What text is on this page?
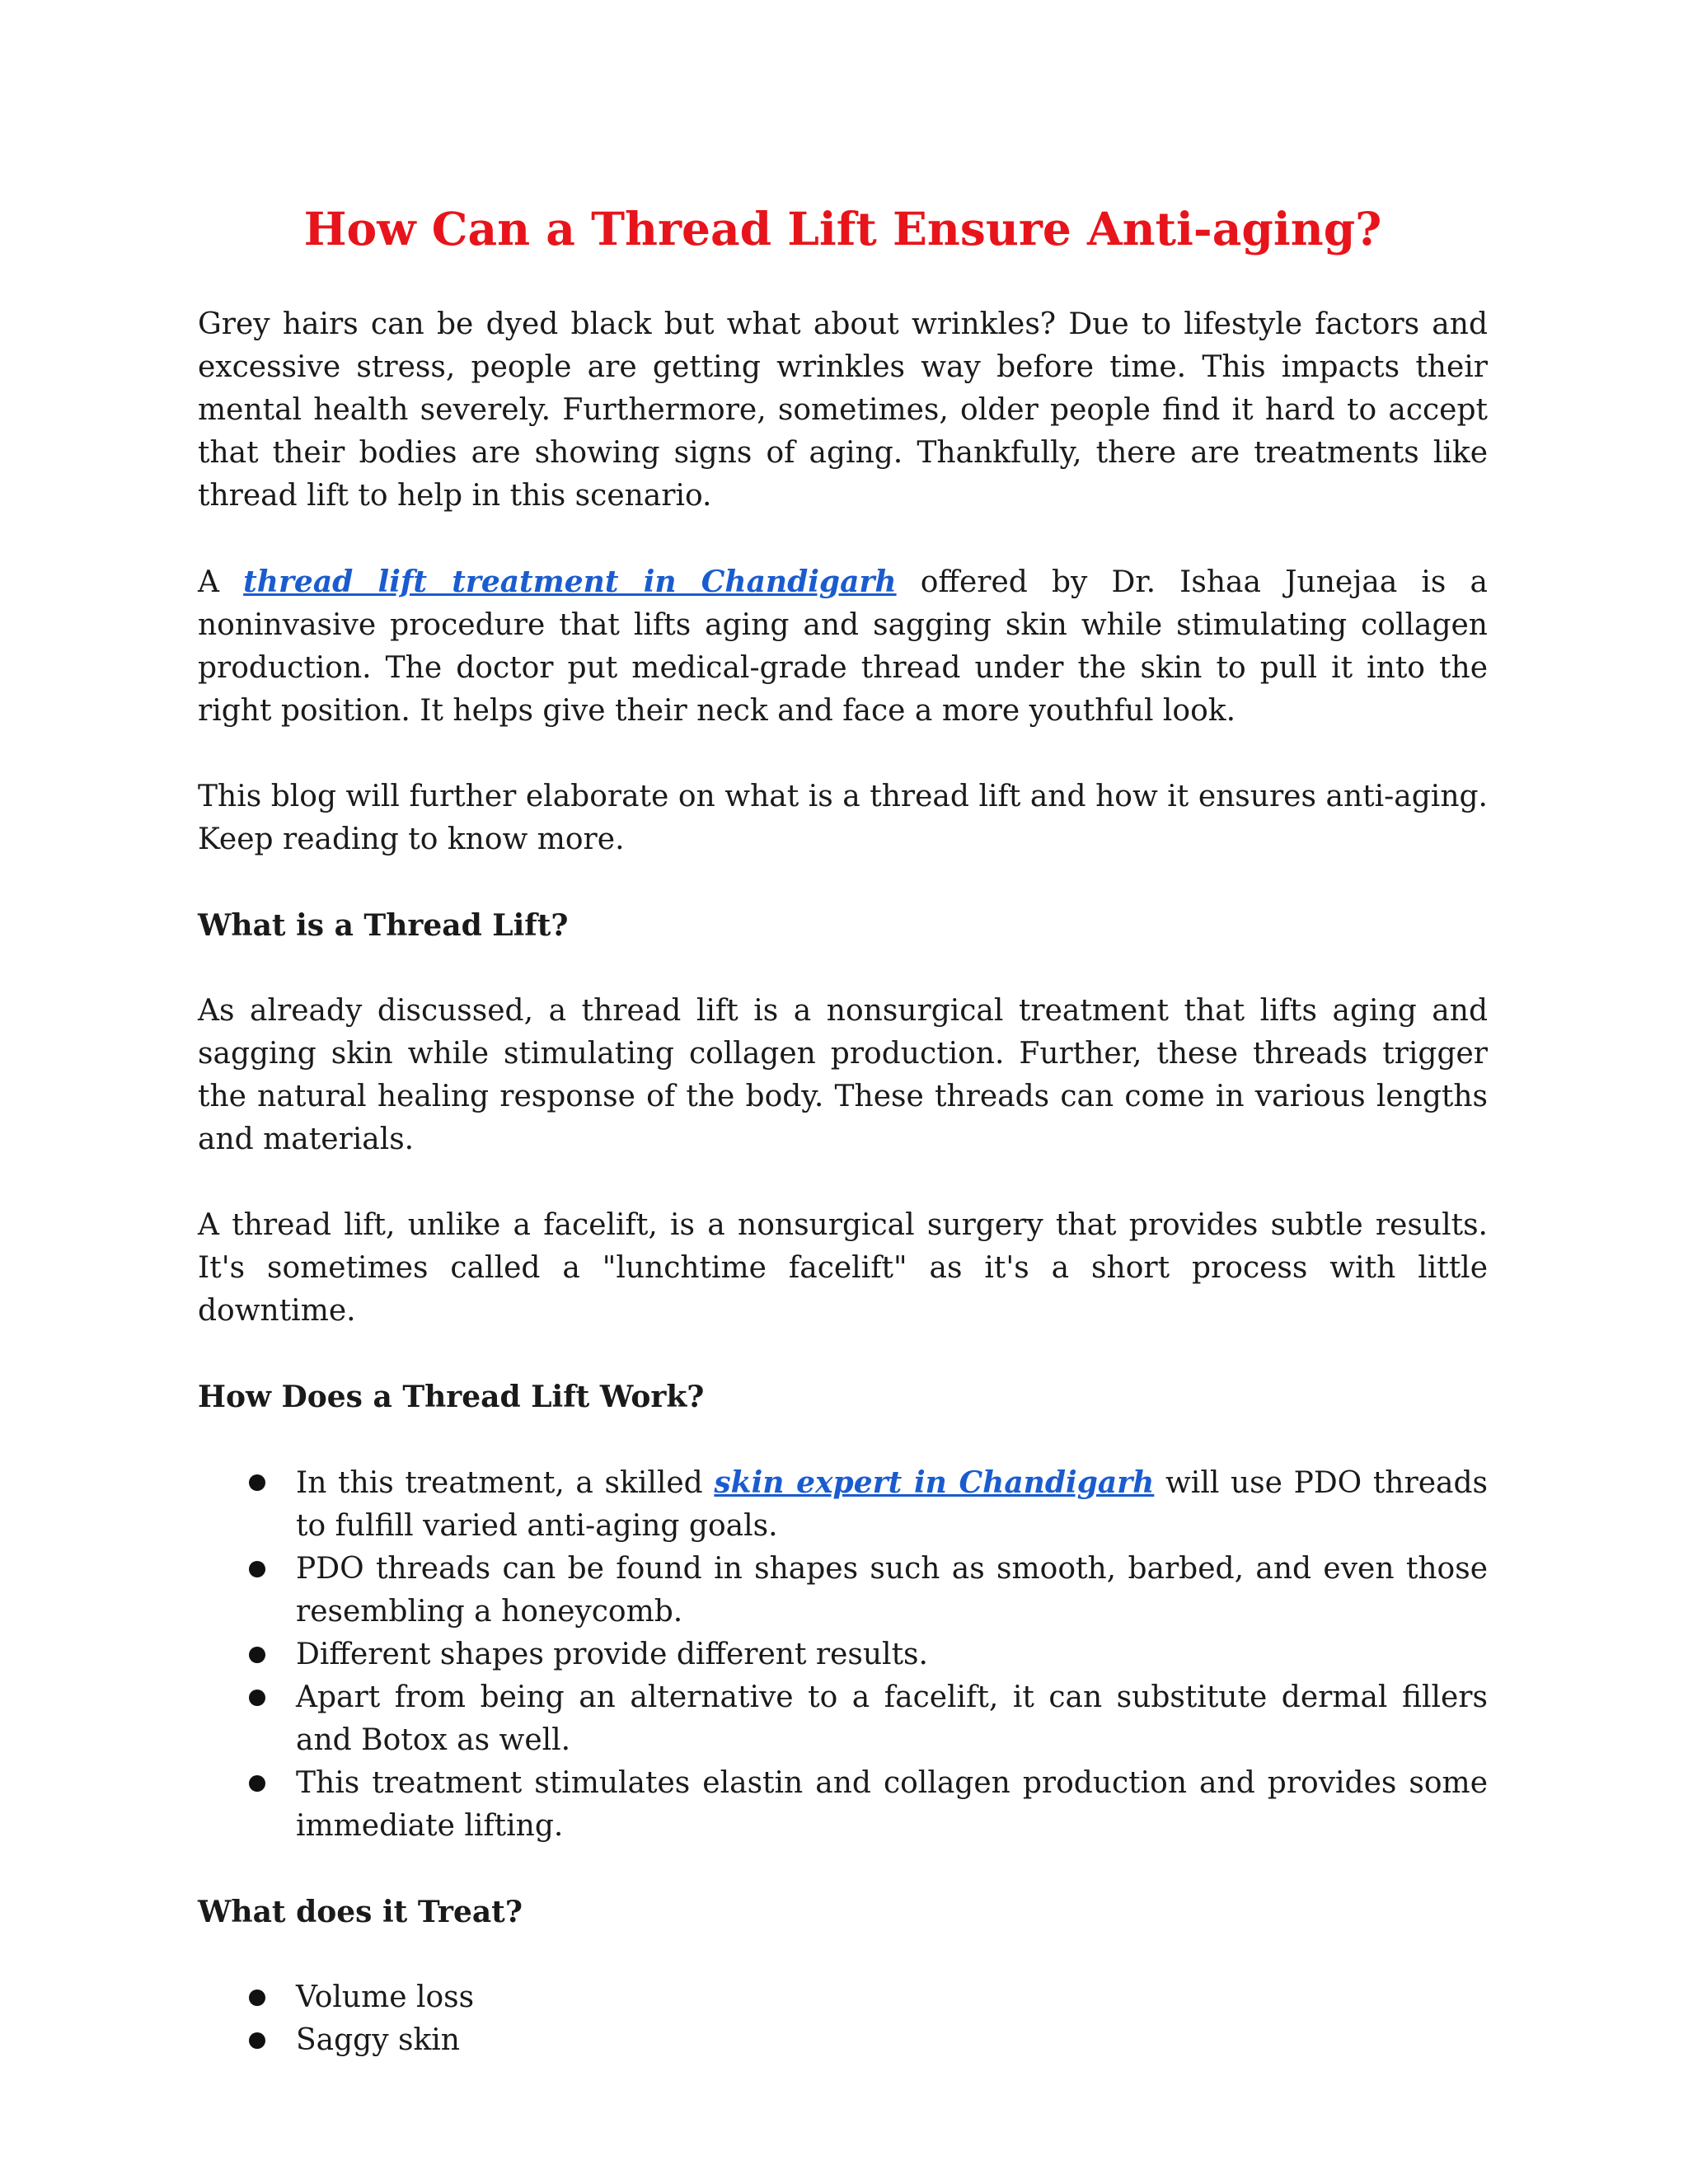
How Can a Thread Lift Ensure Anti-aging?

Grey hairs can be dyed black but what about wrinkles? Due to lifestyle factors and excessive stress, people are getting wrinkles way before time. This impacts their mental health severely. Furthermore, sometimes, older people find it hard to accept that their bodies are showing signs of aging. Thankfully, there are treatments like thread lift to help in this scenario.

A thread lift treatment in Chandigarh offered by Dr. Ishaa Junejaa is a noninvasive procedure that lifts aging and sagging skin while stimulating collagen production. The doctor put medical-grade thread under the skin to pull it into the right position. It helps give their neck and face a more youthful look.

This blog will further elaborate on what is a thread lift and how it ensures anti-aging. Keep reading to know more.

What is a Thread Lift?

As already discussed, a thread lift is a nonsurgical treatment that lifts aging and sagging skin while stimulating collagen production. Further, these threads trigger the natural healing response of the body. These threads can come in various lengths and materials.

A thread lift, unlike a facelift, is a nonsurgical surgery that provides subtle results. It's sometimes called a "lunchtime facelift" as it's a short process with little downtime.

How Does a Thread Lift Work?
In this treatment, a skilled skin expert in Chandigarh will use PDO threads to fulfill varied anti-aging goals.
PDO threads can be found in shapes such as smooth, barbed, and even those resembling a honeycomb.
Different shapes provide different results.
Apart from being an alternative to a facelift, it can substitute dermal fillers and Botox as well.
This treatment stimulates elastin and collagen production and provides some immediate lifting.
What does it Treat?
Volume loss
Saggy skin
